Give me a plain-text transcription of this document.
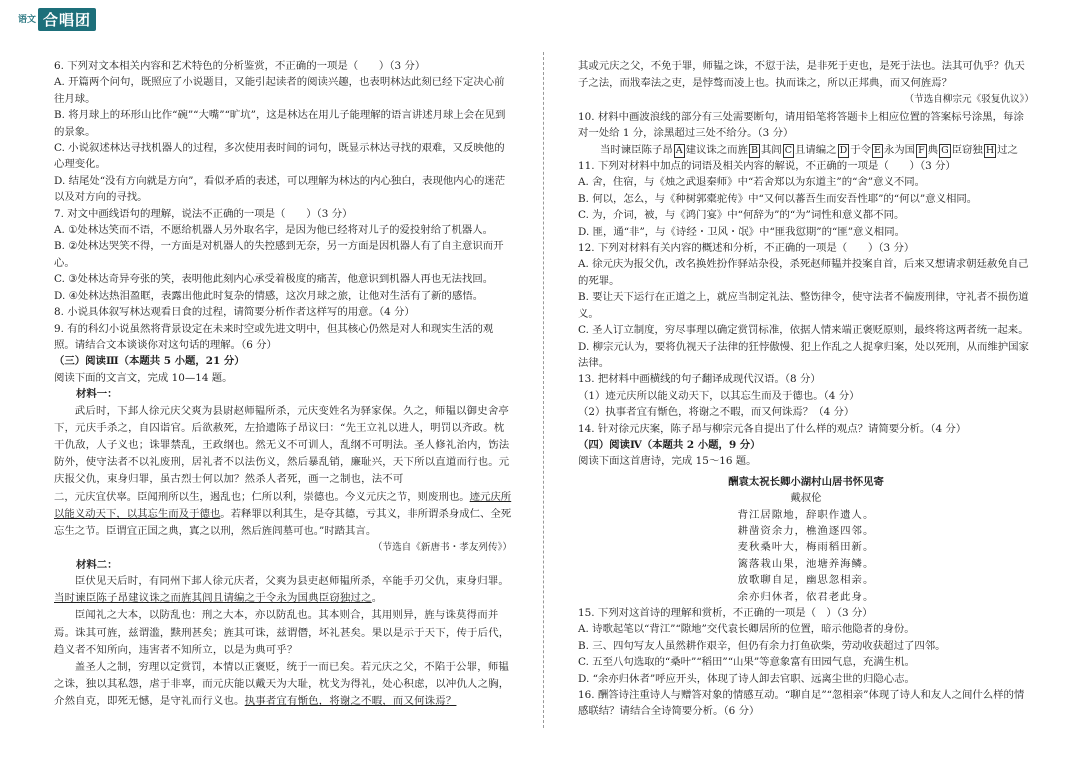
语文 合唱团

6. 下列对文本相关内容和艺术特色的分析鉴赏，不正确的一项是（　　）（3 分）

A. 开篇两个问句，既照应了小说题目，又能引起读者的阅读兴趣，也表明林达此刻已经下定决心前往月球。

B. 将月球上的环形山比作“碗”“大嘴”“旷坑”，这是林达在用儿子能理解的语言讲述月球上会在见到的景象。

C. 小说叙述林达寻找机器人的过程，多次使用表时间的词句，既显示林达寻找的艰难，又反映他的心理变化。

D. 结尾处“没有方向就是方向”，看似矛盾的表述，可以理解为林达的内心独白，表现他内心的迷茫以及对方向的寻找。

7. 对文中画线语句的理解，说法不正确的一项是（　　）（3 分）

A. ①处林达笑而不语，不愿给机器人另外取名字，是因为他已经将对儿子的爱投射给了机器人。

B. ②处林达哭笑不得，一方面是对机器人的失控感到无奈，另一方面是因机器人有了自主意识而开心。

C. ③处林达奇异夸张的笑，表明他此刻内心承受着极度的痛苦，他意识到机器人再也无法找回。

D. ④处林达热泪盈眶，表露出他此时复杂的情感，这次月球之旅，让他对生活有了新的感悟。

8. 小说具体叙写林达观看日食的过程，请简要分析作者这样写的用意。（4 分）

9. 有的科幻小说虽然将背景设定在未来时空或先进文明中，但其核心仍然是对人和现实生活的观照。请结合文本谈谈你对这句话的理解。（6 分）

（三）阅读Ⅲ（本题共 5 小题，21 分）

阅读下面的文言文，完成 10—14 题。

材料一：

武后时，下邽人徐元庆父爽为县尉赵师韫所杀，元庆变姓名为驿家保。久之，师韫以御史舍亭下，元庆手杀之，自囚诣官。后欲赦死，左拾遗陈子昂议曰：“先王立礼以进人，明罚以齐政。枕干仇敌，人子义也；诛罪禁乱，王政纲也。然无义不可训人，乱纲不可明法。圣人修礼治内，饬法防外，使守法者不以礼废刑，居礼者不以法伤义，然后暴乱销，廉耻兴，天下所以直道而行也。元庆报父仇，束身归罪，虽古烈士何以加？然杀人者死，画一之制也，法不可

二，元庆宜伏辜。臣闻刑所以生，遏乱也；仁所以利，崇德也。今义元庆之节，则废刑也。迹元庆所以能义动天下，以其忘生而及于德也。若释罪以利其生，是夺其德，亏其义，非所谓杀身成仁、全死忘生之节。臣谓宜正国之典，寘之以刑，然后旌闾墓可也。”时踏其言。

（节选自《新唐书・孝友列传》）

材料二：

臣伏见天后时，有同州下邽人徐元庆者，父爽为县吏赵师韫所杀，卒能手刃父仇，束身归罪。当时谏臣陈子昂建议诛之而旌其闾且请编之于令永为国典臣窃独过之。

臣闻礼之大本，以防乱也：刑之大本，亦以防乱也。其本则合，其用则异，旌与诛莫得而并焉。诛其可旌，兹谓滥，黩刑甚矣；旌其可诛，兹谓僭，坏礼甚矣。果以是示于天下，传于后代，趋义者不知所向，违害者不知所立，以是为典可乎？

盖圣人之制，穷理以定赏罚，本情以正褒贬，统于一而已矣。若元庆之父，不陷于公罪，师韫之诛，独以其私怨，虐于非辜，而元庆能以戴天为大耻，枕戈为得礼，处心积虑，以冲仇人之胸，介然自克，即死无憾，是守礼而行义也。执事者宜有惭色，将谢之不暇，而又何诛焉？

其或元庆之父，不免于罪，师韫之诛，不愆于法，是非死于吏也，是死于法也。法其可仇乎？仇天子之法，而戕奉法之吏，是悖骜而凌上也。执而诛之，所以正邦典，而又何旌焉？

（节选自柳宗元《驳复仇议》）

10. 材料中画波浪线的部分有三处需要断句，请用铅笔将答题卡上相应位置的答案标号涂黑，每涂对一处给 1 分，涂黑超过三处不给分。（3 分）

当时谏臣陈子昂 A 建议诛之而旌 B 其闾 C 且请编之 D 于令 E 永为国 F 典 G 臣窃独 H 过之

11. 下列对材料中加点的词语及相关内容的解说，不正确的一项是（　　）（3 分）

A. 舍，住宿，与《烛之武退秦师》中“若舍郑以为东道主”的“舍”意义不同。

B. 何以，怎么，与《种树郭橐驼传》中“又何以蕃吾生而安吾性耶”的“何以”意义相同。

C. 为，介词，被，与《鸿门宴》中“何辞为”的“为”词性和意义都不同。

D. 匪，通“非”，与《诗经・卫风・氓》中“匪我愆期”的“匪”意义相同。

12. 下列对材料有关内容的概述和分析，不正确的一项是（　　）（3 分）

A. 徐元庆为报父仇，改名换姓扮作驿站杂役，杀死赵师韫并投案自首，后来又想请求朝廷赦免自己的死罪。

B. 要让天下运行在正道之上，就应当制定礼法、整饬律令，使守法者不偏废刑律，守礼者不损伤道义。

C. 圣人订立制度，穷尽事理以确定赏罚标准，依据人情来端正褒贬原则，最终将这两者统一起来。

D. 柳宗元认为，要将仇视天子法律的狂悖傲慢、犯上作乱之人捉拿归案，处以死刑，从而维护国家法律。

13. 把材料中画横线的句子翻译成现代汉语。（8 分）

（1）迹元庆所以能义动天下，以其忘生而及于德也。（4 分）

（2）执事者宜有惭色，将谢之不暇，而又何诛焉？（4 分）

14. 针对徐元庆案，陈子昂与柳宗元各自提出了什么样的观点？请简要分析。（4 分）

（四）阅读Ⅳ（本题共 2 小题，9 分）

阅读下面这首唐诗，完成 15～16 题。

酬袁太祝长卿小湖村山居书怀见寄

戴叔伦

背江居隙地，辞职作遗人。

耕凿资余力，樵渔逐四邻。

麦秋桑叶大，梅雨稻田新。

篱落栽山果，池塘养海鳞。

放歌聊自足，幽思忽相亲。

余亦归休者，依君老此身。

15. 下列对这首诗的理解和赏析，不正确的一项是（　）（3 分）

A. 诗歌起笔以“背江”“隙地”交代袁长卿居所的位置，暗示他隐者的身份。

B. 三、四句写友人虽然耕作艰辛，但仍有余力打鱼砍柴，劳动收获超过了四邻。

C. 五至八句选取的“桑叶”“稻田”“山果”等意象富有田园气息，充满生机。

D. “余亦归休者”呼应开头，体现了诗人卸去官职、远离尘世的归隐心志。

16. 酬答诗注重诗人与赠答对象的情感互动。“聊自足”“忽相亲”体现了诗人和友人之间什么样的情感联结？请结合全诗简要分析。（6 分）
